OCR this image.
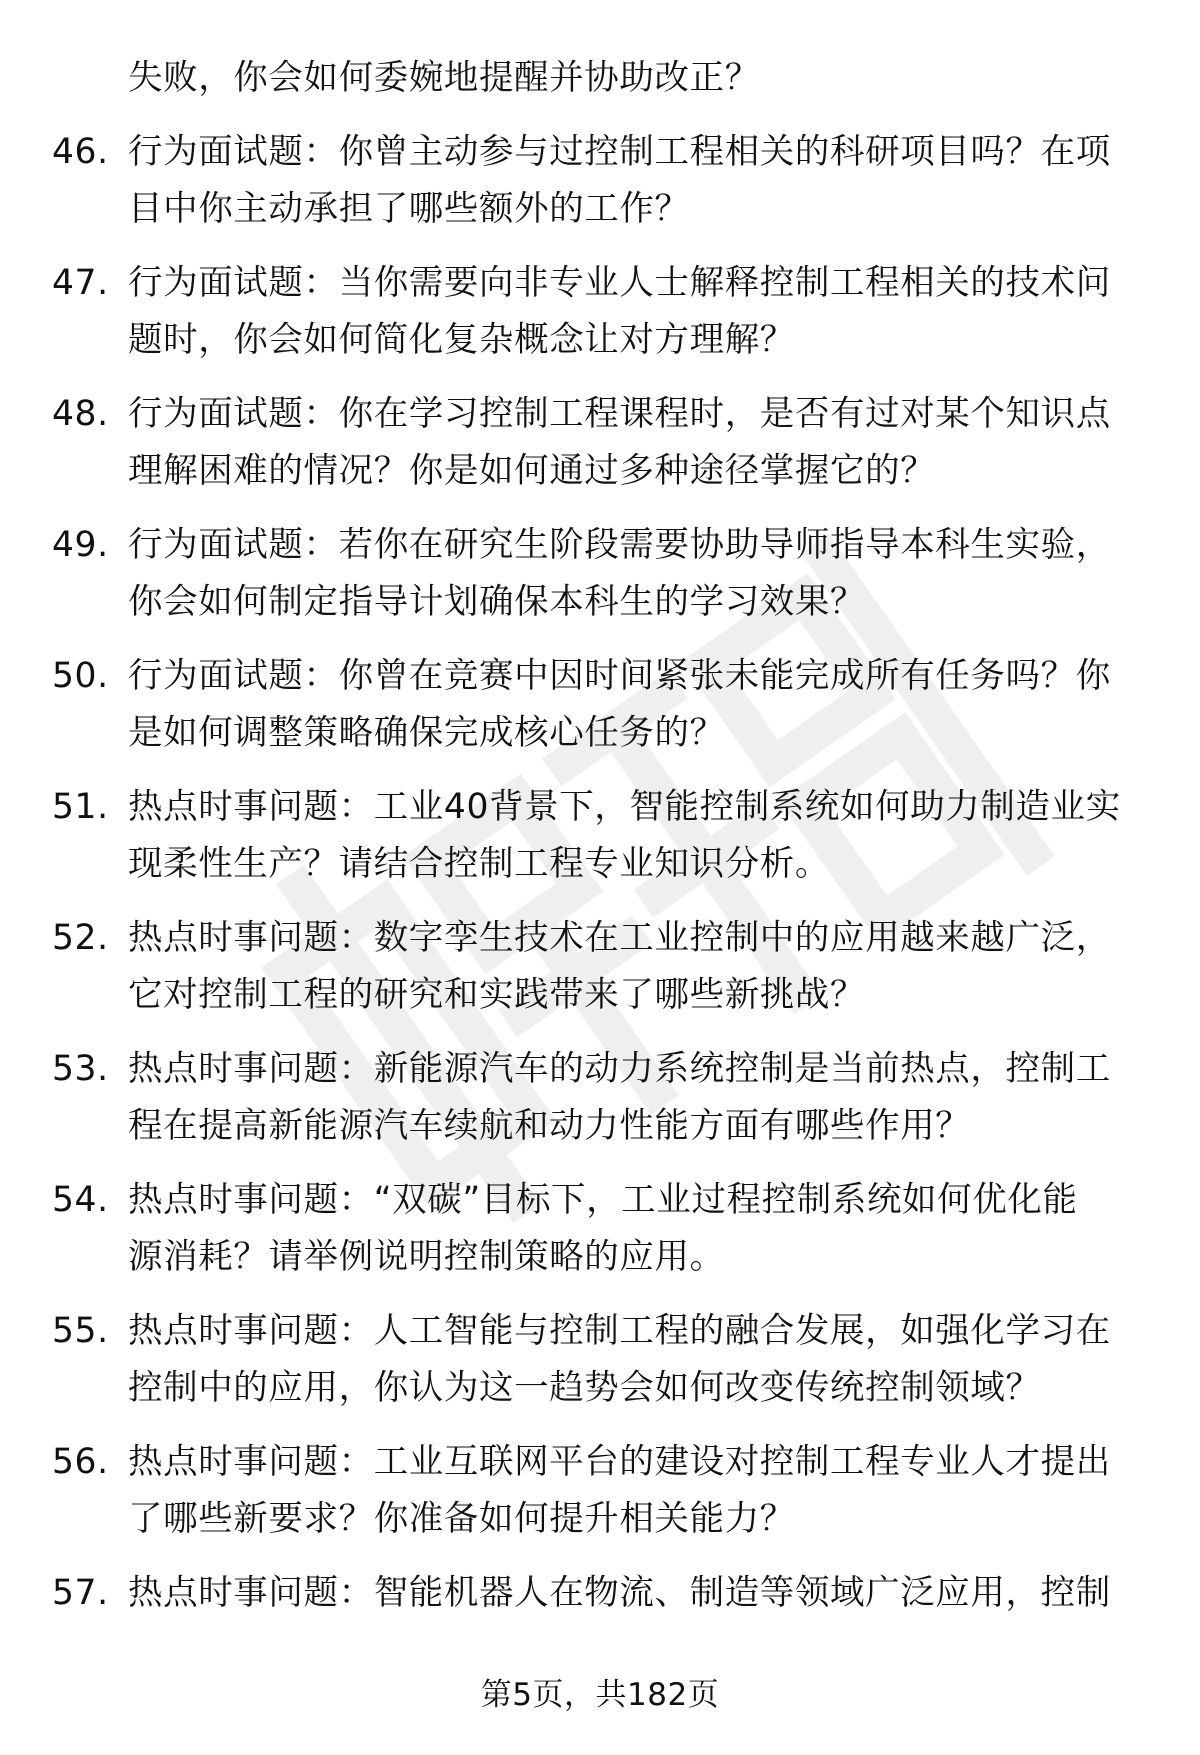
失败，你会如何委婉地提醒并协助改正？
46. 行为面试题：你曾主动参与过控制工程相关的科研项目吗？在项
目中你主动承担了哪些额外的工作？
47. 行为面试题：当你需要向非专业人士解释控制工程相关的技术问
题时，你会如何简化复杂概念让对方理解？
48. 行为面试题：你在学习控制工程课程时，是否有过对某个知识点
理解困难的情况？你是如何通过多种途径掌握它的？
49. 行为面试题：若你在研究生阶段需要协助导师指导本科生实验，
你会如何制定指导计划确保本科生的学习效果？
50. 行为面试题：你曾在竞赛中因时间紧张未能完成所有任务吗？你
是如何调整策略确保完成核心任务的？
51. 热点时事问题：工业40背景下，智能控制系统如何助力制造业实
现柔性生产？请结合控制工程专业知识分析。
52. 热点时事问题：数字孪生技术在工业控制中的应用越来越广泛，
它对控制工程的研究和实践带来了哪些新挑战？
53. 热点时事问题：新能源汽车的动力系统控制是当前热点，控制工
程在提高新能源汽车续航和动力性能方面有哪些作用？
54. 热点时事问题：“双碳”目标下，工业过程控制系统如何优化能
源消耗？请举例说明控制策略的应用。
55. 热点时事问题：人工智能与控制工程的融合发展，如强化学习在
控制中的应用，你认为这一趋势会如何改变传统控制领域？
56. 热点时事问题：工业互联网平台的建设对控制工程专业人才提出
了哪些新要求？你准备如何提升相关能力？
57. 热点时事问题：智能机器人在物流、制造等领域广泛应用，控制
第5页，共182页
